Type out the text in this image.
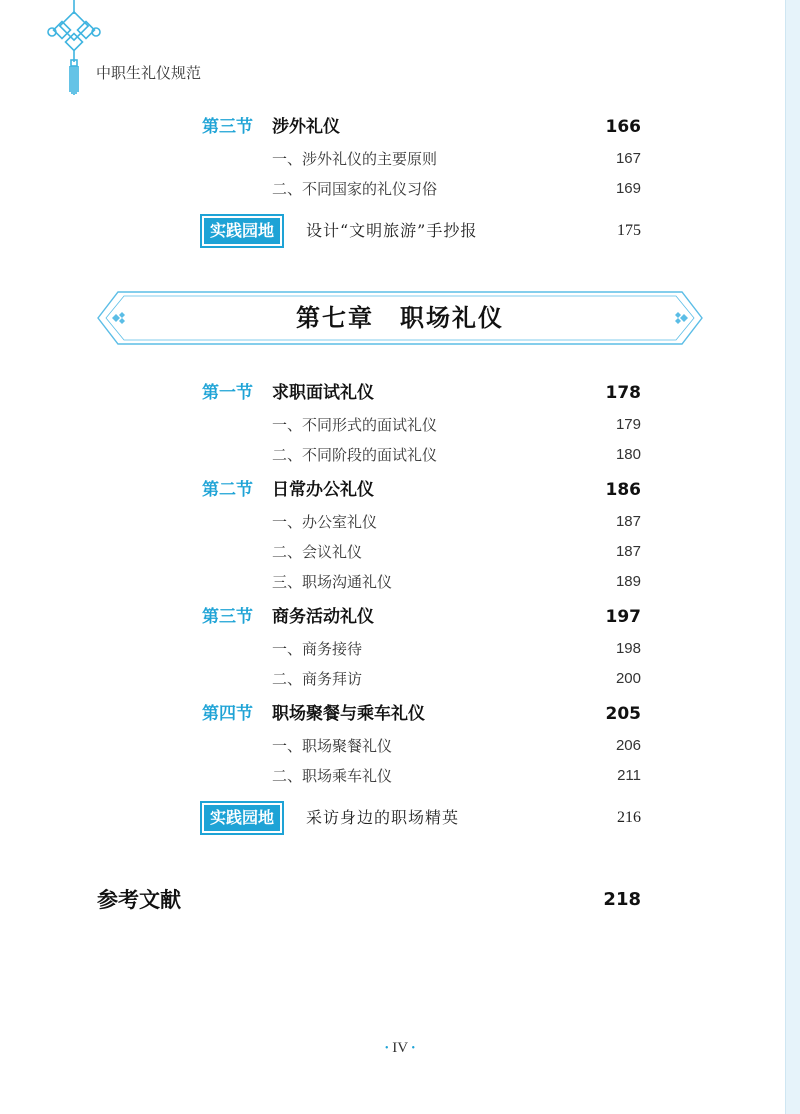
中职生礼仪规范
第三节 涉外礼仪	166
一、涉外礼仪的主要原则	167
二、不同国家的礼仪习俗	169
实践园地	设计“文明旅游”手抄报	175
第七章　职场礼仪
第一节 求职面试礼仪	178
一、不同形式的面试礼仪	179
二、不同阶段的面试礼仪	180
第二节 日常办公礼仪	186
一、办公室礼仪	187
二、会议礼仪	187
三、职场沟通礼仪	189
第三节 商务活动礼仪	197
一、商务接待	198
二、商务拜访	200
第四节 职场聚餐与乘车礼仪	205
一、职场聚餐礼仪	206
二、职场乘车礼仪	211
实践园地	采访身边的职场精英	216
参考文献	218
• IV •
